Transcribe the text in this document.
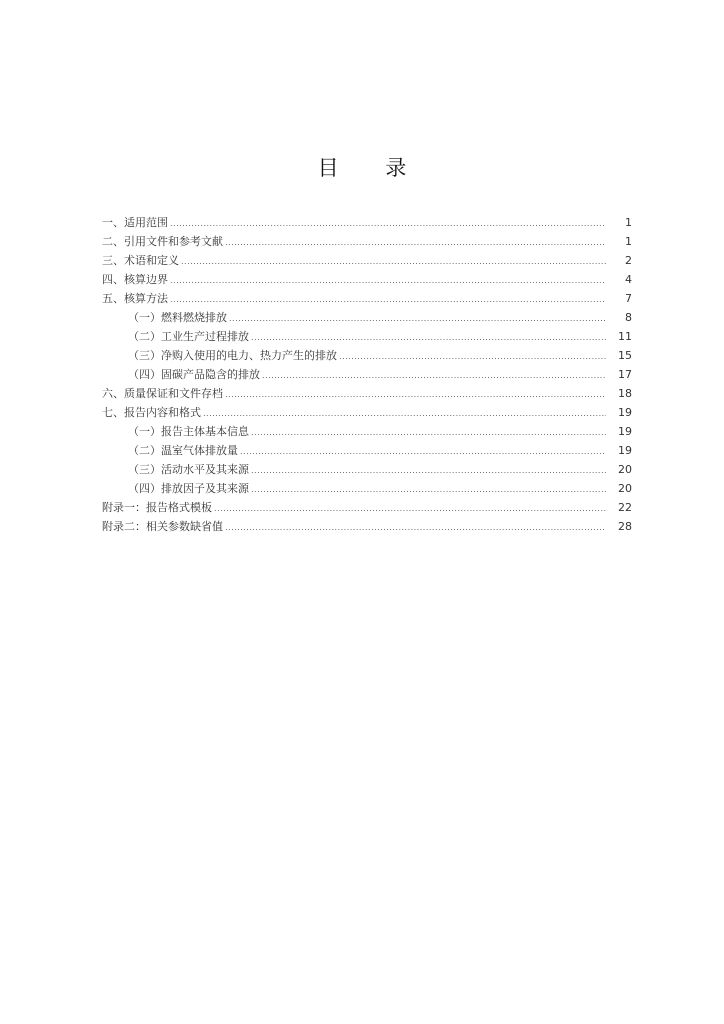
目 录
一、适用范围 .....	1
二、引用文件和参考文献 .....	1
三、术语和定义 .....	2
四、核算边界 .....	4
五、核算方法 .....	7
（一）燃料燃烧排放 .....	8
（二）工业生产过程排放 .....	11
（三）净购入使用的电力、热力产生的排放 .....	15
（四）固碳产品隐含的排放 .....	17
六、质量保证和文件存档 .....	18
七、报告内容和格式 .....	19
（一）报告主体基本信息 .....	19
（二）温室气体排放量 .....	19
（三）活动水平及其来源 .....	20
（四）排放因子及其来源 .....	20
附录一：报告格式模板 .....	22
附录二：相关参数缺省值 .....	28
